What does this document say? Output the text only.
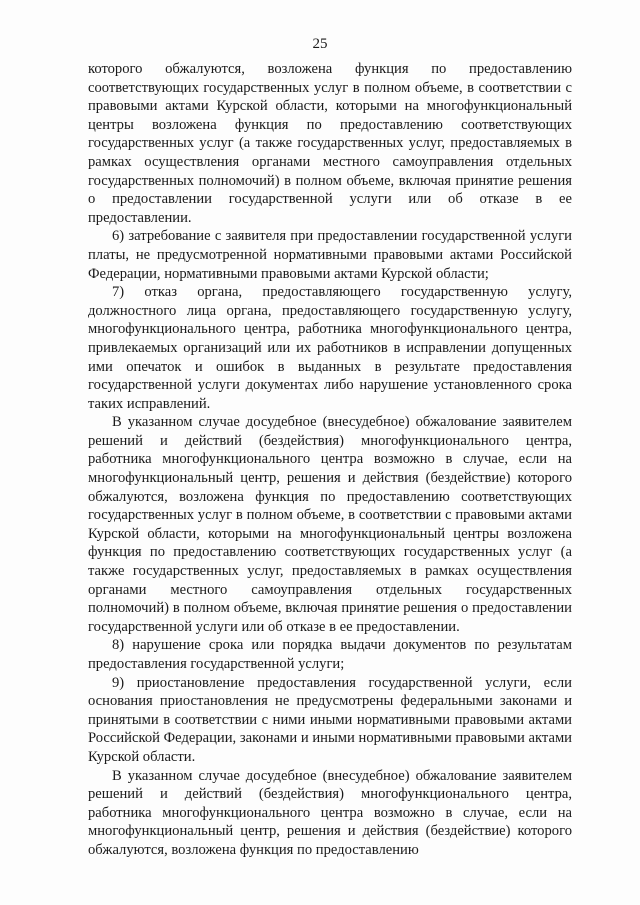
25

которого обжалуются, возложена функция по предоставлению соответствующих государственных услуг в полном объеме, в соответствии с правовыми актами Курской области, которыми на многофункциональный центры возложена функция по предоставлению соответствующих государственных услуг (а также государственных услуг, предоставляемых в рамках осуществления органами местного самоуправления отдельных государственных полномочий) в полном объеме, включая принятие решения о предоставлении государственной услуги или об отказе в ее предоставлении.

6) затребование с заявителя при предоставлении государственной услуги платы, не предусмотренной нормативными правовыми актами Российской Федерации, нормативными правовыми актами Курской области;

7) отказ органа, предоставляющего государственную услугу, должностного лица органа, предоставляющего государственную услугу, многофункционального центра, работника многофункционального центра, привлекаемых организаций или их работников в исправлении допущенных ими опечаток и ошибок в выданных в результате предоставления государственной услуги документах либо нарушение установленного срока таких исправлений.

В указанном случае досудебное (внесудебное) обжалование заявителем решений и действий (бездействия) многофункционального центра, работника многофункционального центра возможно в случае, если на многофункциональный центр, решения и действия (бездействие) которого обжалуются, возложена функция по предоставлению соответствующих государственных услуг в полном объеме, в соответствии с правовыми актами Курской области, которыми на многофункциональный центры возложена функция по предоставлению соответствующих государственных услуг (а также государственных услуг, предоставляемых в рамках осуществления органами местного самоуправления отдельных государственных полномочий) в полном объеме, включая принятие решения о предоставлении государственной услуги или об отказе в ее предоставлении.

8) нарушение срока или порядка выдачи документов по результатам предоставления государственной услуги;

9) приостановление предоставления государственной услуги, если основания приостановления не предусмотрены федеральными законами и принятыми в соответствии с ними иными нормативными правовыми актами Российской Федерации, законами и иными нормативными правовыми актами Курской области.

В указанном случае досудебное (внесудебное) обжалование заявителем решений и действий (бездействия) многофункционального центра, работника многофункционального центра возможно в случае, если на многофункциональный центр, решения и действия (бездействие) которого обжалуются, возложена функция по предоставлению
